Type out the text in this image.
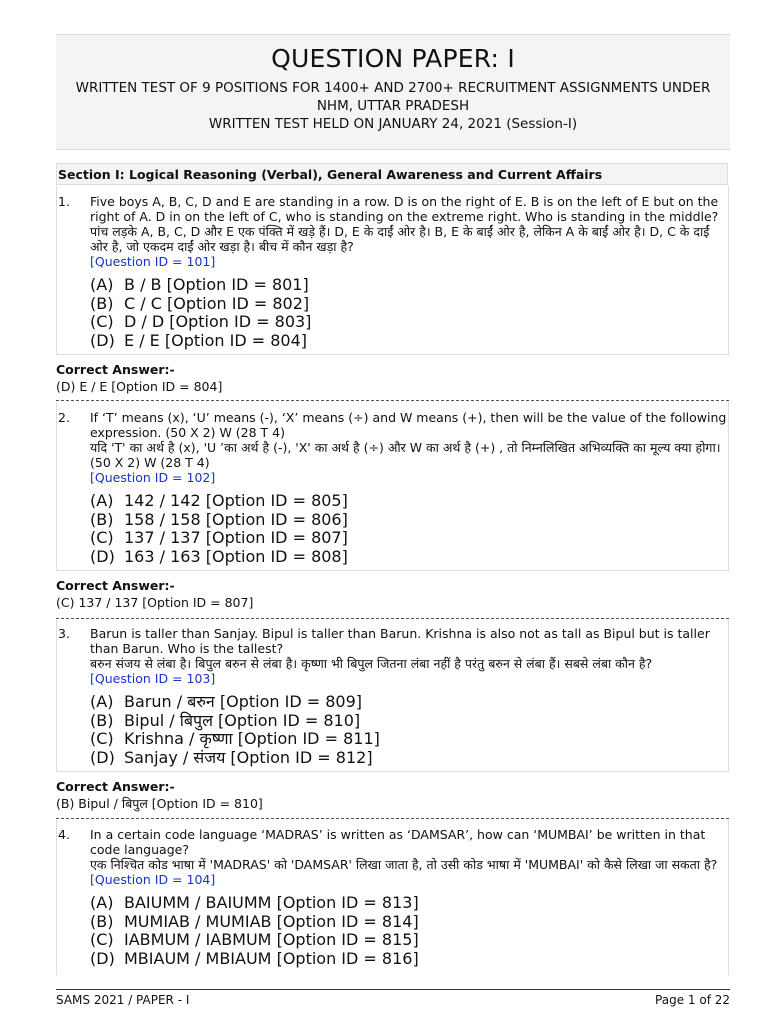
QUESTION PAPER: I
WRITTEN TEST OF 9 POSITIONS FOR 1400+ AND 2700+ RECRUITMENT ASSIGNMENTS UNDER
NHM, UTTAR PRADESH
WRITTEN TEST HELD ON JANUARY 24, 2021 (Session-I)
Section I: Logical Reasoning (Verbal), General Awareness and Current Affairs
1. Five boys A, B, C, D and E are standing in a row. D is on the right of E. B is on the left of E but on the right of A. D in on the left of C, who is standing on the extreme right. Who is standing in the middle?
पांच लड़के A, B, C, D और E एक पंक्ति में खड़े हैं। D, E के दाईं ओर है। B, E के बाईं ओर है, लेकिन A के बाईं ओर है। D, C के दाईं ओर है, जो एकदम दाईं ओर खड़ा है। बीच में कौन खड़ा है?
[Question ID = 101]
(A) B / B [Option ID = 801]
(B) C / C [Option ID = 802]
(C) D / D [Option ID = 803]
(D) E / E [Option ID = 804]
Correct Answer:-
(D) E / E [Option ID = 804]
2. If ‘T’ means (x), ‘U’ means (-), ‘X’ means (÷) and W means (+), then will be the value of the following expression. (50 X 2) W (28 T 4)
यदि 'T' का अर्थ है (x), 'U ’का अर्थ है (-), 'X' का अर्थ है (÷) और W का अर्थ है (+) , तो निम्नलिखित अभिव्यक्ति का मूल्य क्या होगा। (50 X 2) W (28 T 4)
[Question ID = 102]
(A) 142 / 142 [Option ID = 805]
(B) 158 / 158 [Option ID = 806]
(C) 137 / 137 [Option ID = 807]
(D) 163 / 163 [Option ID = 808]
Correct Answer:-
(C) 137 / 137 [Option ID = 807]
3. Barun is taller than Sanjay. Bipul is taller than Barun. Krishna is also not as tall as Bipul but is taller than Barun. Who is the tallest?
बरुन संजय से लंबा है। बिपुल बरुन से लंबा है। कृष्णा भी बिपुल जितना लंबा नहीं है परंतु बरुन से लंबा हैं। सबसे लंबा कौन है?
[Question ID = 103]
(A) Barun / बरुन [Option ID = 809]
(B) Bipul / बिपुल [Option ID = 810]
(C) Krishna / कृष्णा [Option ID = 811]
(D) Sanjay / संजय [Option ID = 812]
Correct Answer:-
(B) Bipul / बिपुल [Option ID = 810]
4. In a certain code language ‘MADRAS’ is written as ‘DAMSAR’, how can ‘MUMBAI’ be written in that code language?
एक निश्चित कोड भाषा में 'MADRAS' को 'DAMSAR' लिखा जाता है, तो उसी कोड भाषा में 'MUMBAI' को कैसे लिखा जा सकता है?
[Question ID = 104]
(A) BAIUMM / BAIUMM [Option ID = 813]
(B) MUMIAB / MUMIAB [Option ID = 814]
(C) IABMUM / IABMUM [Option ID = 815]
(D) MBIAUM / MBIAUM [Option ID = 816]
SAMS 2021 / PAPER - I	Page 1 of 22
